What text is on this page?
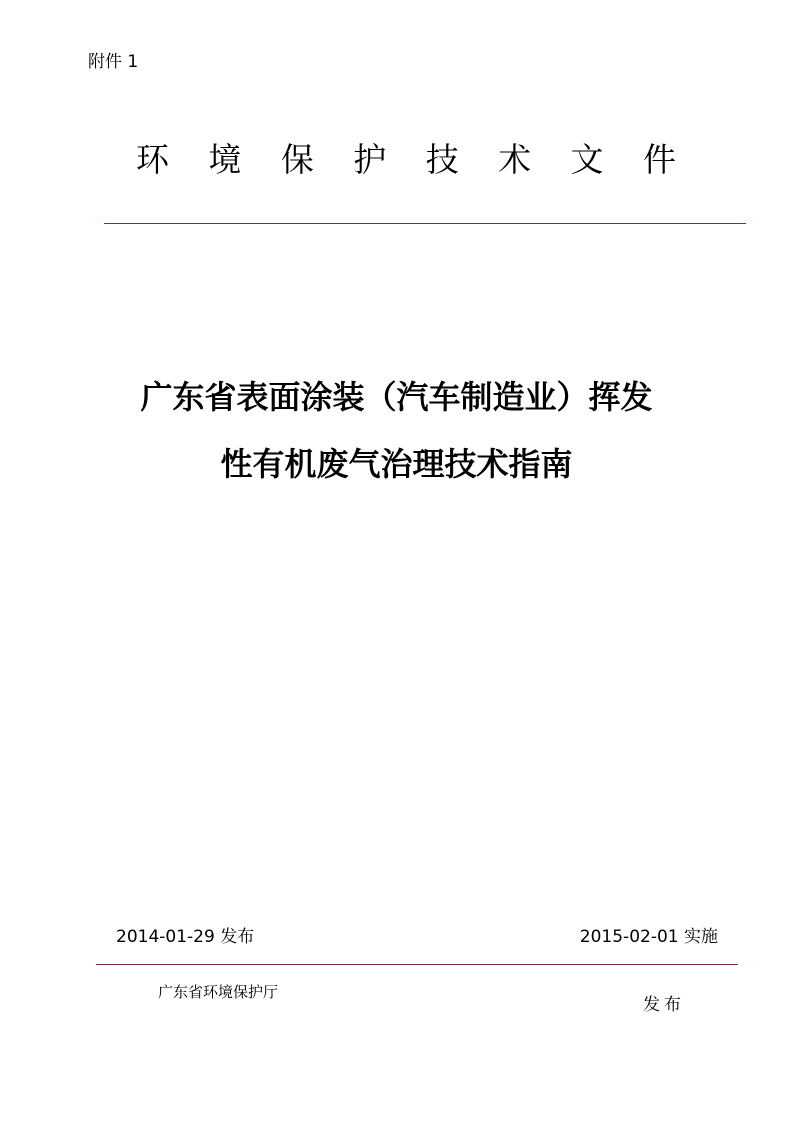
附件 1
环 境 保 护 技 术 文 件
广东省表面涂装（汽车制造业）挥发
性有机废气治理技术指南
2014-01-29 发布	2015-02-01 实施
广东省环境保护厅
发布
